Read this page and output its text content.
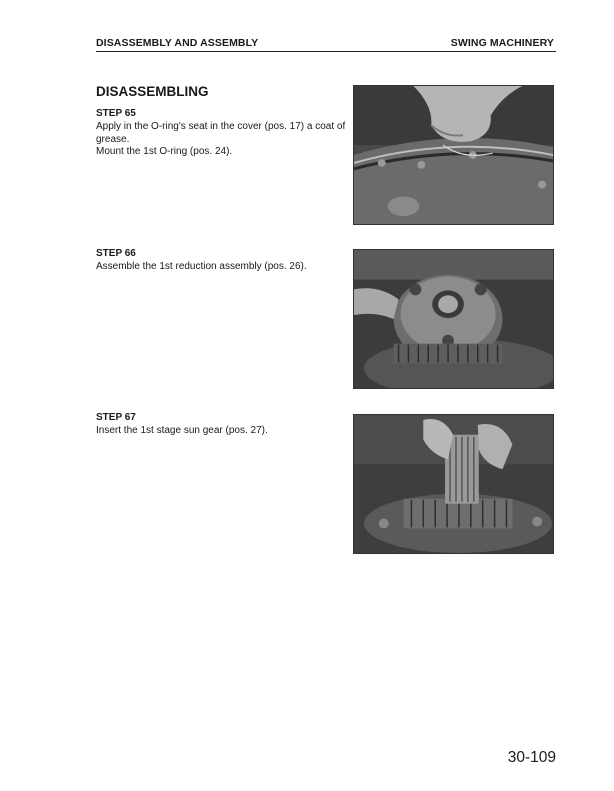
DISASSEMBLY AND ASSEMBLY	SWING MACHINERY
DISASSEMBLING
STEP 65
Apply in the O-ring's seat in the cover (pos. 17) a coat of
grease.
Mount the 1st O-ring (pos. 24).
STEP 66
Assemble the 1st reduction assembly (pos. 26).
STEP 67
Insert the 1st stage sun gear (pos. 27).
30-109
